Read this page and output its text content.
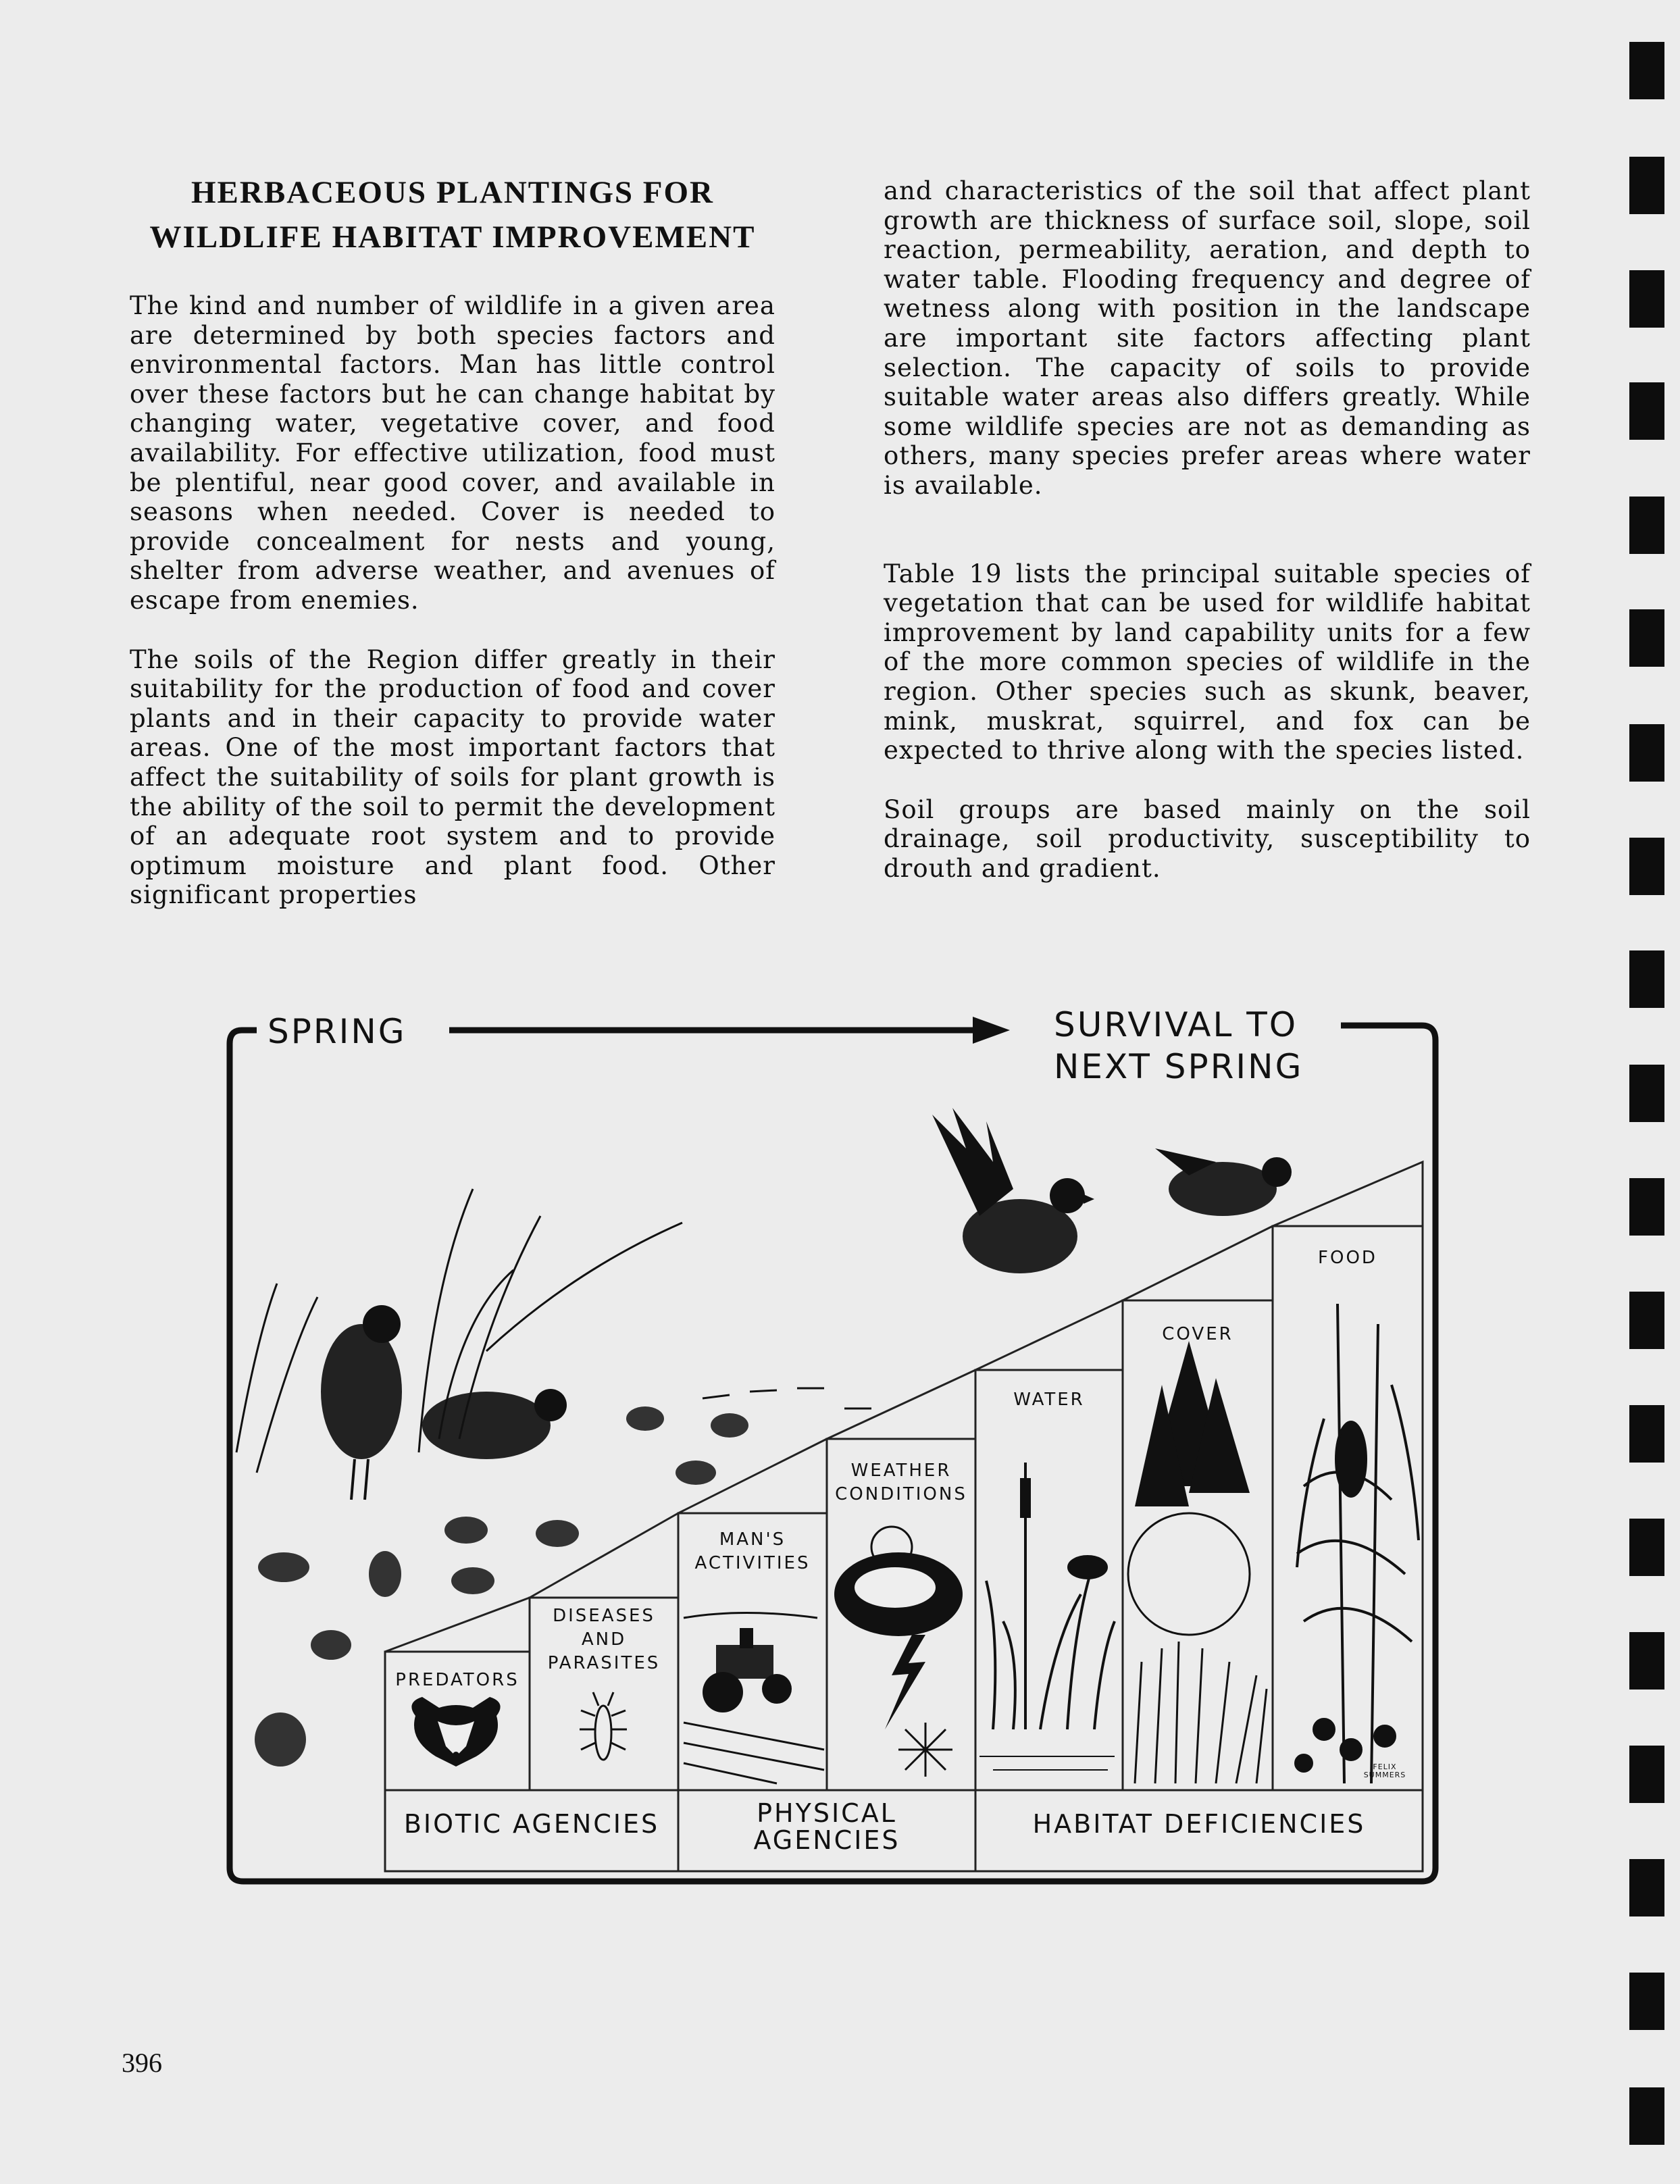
HERBACEOUS PLANTINGS FOR
WILDLIFE HABITAT IMPROVEMENT

The kind and number of wildlife in a given area are determined by both species factors and environmental factors. Man has little control over these factors but he can change habitat by changing water, vegetative cover, and food availability. For effective utilization, food must be plentiful, near good cover, and available in seasons when needed. Cover is needed to provide concealment for nests and young, shelter from adverse weather, and avenues of escape from enemies.

The soils of the Region differ greatly in their suitability for the production of food and cover plants and in their capacity to provide water areas. One of the most important factors that affect the suitability of soils for plant growth is the ability of the soil to permit the development of an adequate root system and to provide optimum moisture and plant food. Other significant properties

and characteristics of the soil that affect plant growth are thickness of surface soil, slope, soil reaction, permeability, aeration, and depth to water table. Flooding frequency and degree of wetness along with position in the landscape are important site factors affecting plant selection. The capacity of soils to provide suitable water areas also differs greatly. While some wildlife species are not as demanding as others, many species prefer areas where water is available.

Table 19 lists the principal suitable species of vegetation that can be used for wildlife habitat improvement by land capability units for a few of the more common species of wildlife in the region. Other species such as skunk, beaver, mink, muskrat, squirrel, and fox can be expected to thrive along with the species listed.

Soil groups are based mainly on the soil drainage, soil productivity, susceptibility to drouth and gradient.

SPRING	SURVIVAL TO
NEXT SPRING
PREDATORS
DISEASES
AND
PARASITES
MAN'S
ACTIVITIES
WEATHER
CONDITIONS
WATER
COVER
FOOD
BIOTIC AGENCIES	PHYSICAL
AGENCIES
HABITAT DEFICIENCIES
FELIX SUMMERS
396
